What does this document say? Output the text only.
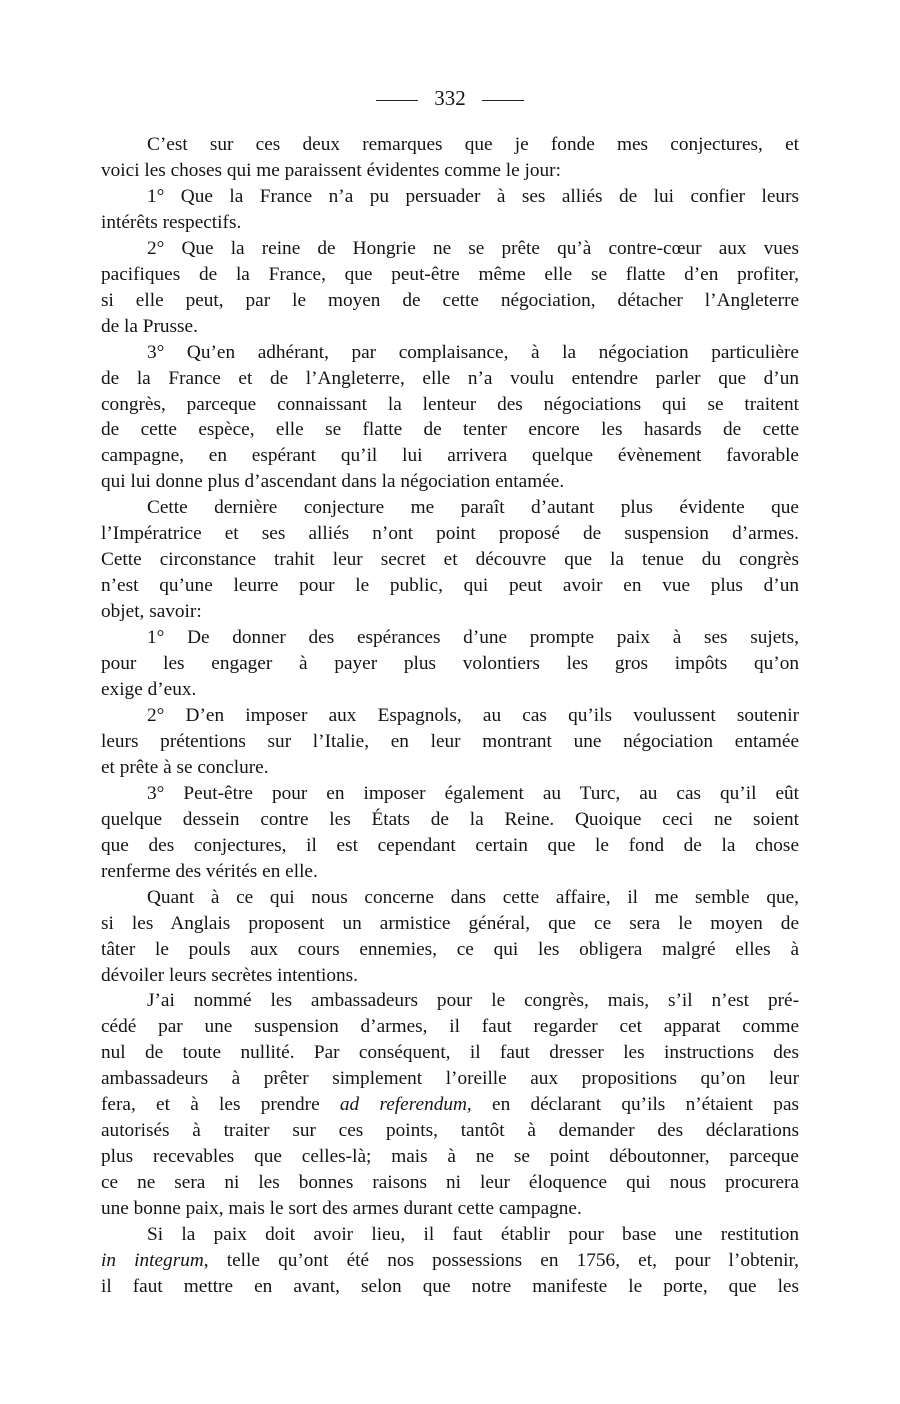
332

C’est sur ces deux remarques que je fonde mes conjectures, et

voici les choses qui me paraissent évidentes comme le jour:

1° Que la France n’a pu persuader à ses alliés de lui confier leurs

intérêts respectifs.

2° Que la reine de Hongrie ne se prête qu’à contre-cœur aux vues

pacifiques de la France, que peut-être même elle se flatte d’en profiter,

si elle peut, par le moyen de cette négociation, détacher l’Angleterre

de la Prusse.

3° Qu’en adhérant, par complaisance, à la négociation particulière

de la France et de l’Angleterre, elle n’a voulu entendre parler que d’un

congrès, parceque connaissant la lenteur des négociations qui se traitent

de cette espèce, elle se flatte de tenter encore les hasards de cette

campagne, en espérant qu’il lui arrivera quelque évènement favorable

qui lui donne plus d’ascendant dans la négociation entamée.

Cette dernière conjecture me paraît d’autant plus évidente que

l’Impératrice et ses alliés n’ont point proposé de suspension d’armes.

Cette circonstance trahit leur secret et découvre que la tenue du congrès

n’est qu’une leurre pour le public, qui peut avoir en vue plus d’un

objet, savoir:

1° De donner des espérances d’une prompte paix à ses sujets,

pour les engager à payer plus volontiers les gros impôts qu’on

exige d’eux.

2° D’en imposer aux Espagnols, au cas qu’ils voulussent soutenir

leurs prétentions sur l’Italie, en leur montrant une négociation entamée

et prête à se conclure.

3° Peut-être pour en imposer également au Turc, au cas qu’il eût

quelque dessein contre les États de la Reine. Quoique ceci ne soient

que des conjectures, il est cependant certain que le fond de la chose

renferme des vérités en elle.

Quant à ce qui nous concerne dans cette affaire, il me semble que,

si les Anglais proposent un armistice général, que ce sera le moyen de

tâter le pouls aux cours ennemies, ce qui les obligera malgré elles à

dévoiler leurs secrètes intentions.

J’ai nommé les ambassadeurs pour le congrès, mais, s’il n’est pré-

cédé par une suspension d’armes, il faut regarder cet apparat comme

nul de toute nullité. Par conséquent, il faut dresser les instructions des

ambassadeurs à prêter simplement l’oreille aux propositions qu’on leur

fera, et à les prendre ad referendum, en déclarant qu’ils n’étaient pas

autorisés à traiter sur ces points, tantôt à demander des déclarations

plus recevables que celles-là; mais à ne se point déboutonner, parceque

ce ne sera ni les bonnes raisons ni leur éloquence qui nous procurera

une bonne paix, mais le sort des armes durant cette campagne.

Si la paix doit avoir lieu, il faut établir pour base une restitution

in integrum, telle qu’ont été nos possessions en 1756, et, pour l’obtenir,

il faut mettre en avant, selon que notre manifeste le porte, que les
